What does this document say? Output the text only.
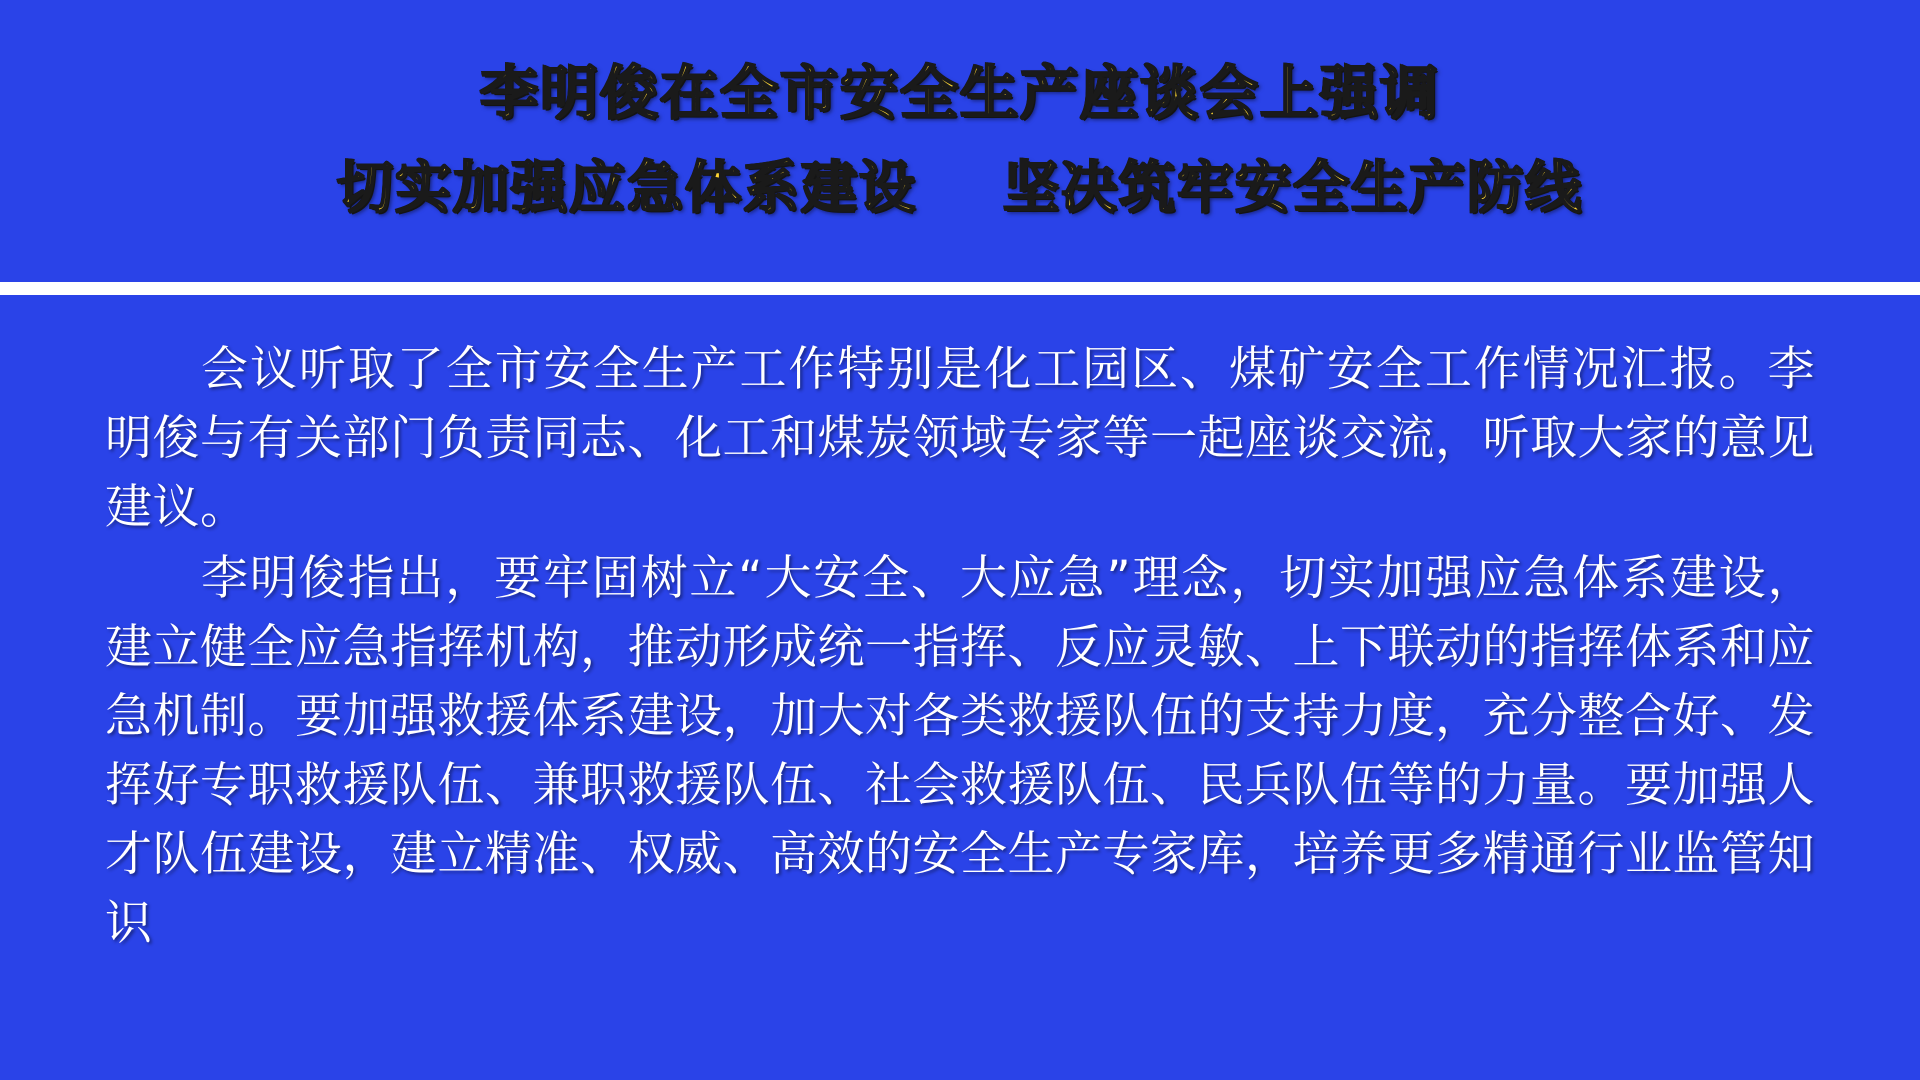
李明俊在全市安全生产座谈会上强调
切实加强应急体系建设    坚决筑牢安全生产防线

会议听取了全市安全生产工作特别是化工园区、煤矿安全工作情况汇报。李明俊与有关部门负责同志、化工和煤炭领域专家等一起座谈交流，听取大家的意见建议。

李明俊指出，要牢固树立“大安全、大应急”理念，切实加强应急体系建设，建立健全应急指挥机构，推动形成统一指挥、反应灵敏、上下联动的指挥体系和应急机制。要加强救援体系建设，加大对各类救援队伍的支持力度，充分整合好、发挥好专职救援队伍、兼职救援队伍、社会救援队伍、民兵队伍等的力量。要加强人才队伍建设，建立精准、权威、高效的安全生产专家库，培养更多精通行业监管知识
